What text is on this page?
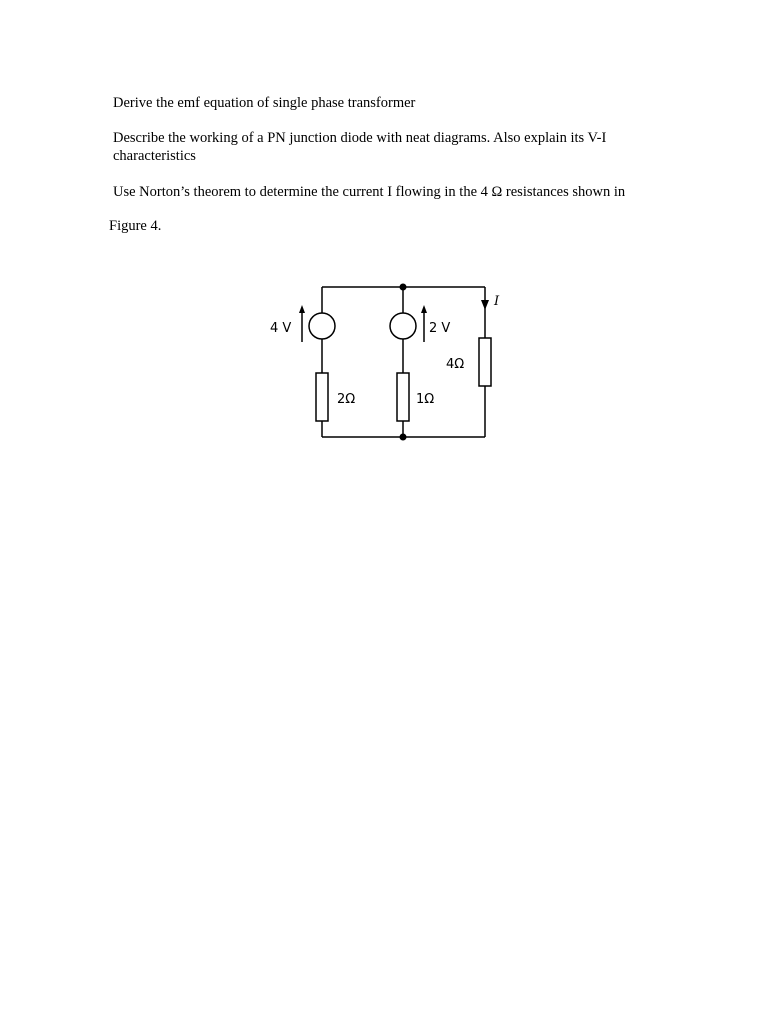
Derive the emf equation of single phase transformer

Describe the working of a PN junction diode with neat diagrams. Also explain its V-I characteristics

Use Norton’s theorem to determine the current I flowing in the 4 Ω resistances shown in

Figure 4.

4 V	2 V
2Ω	1Ω
4Ω
I
